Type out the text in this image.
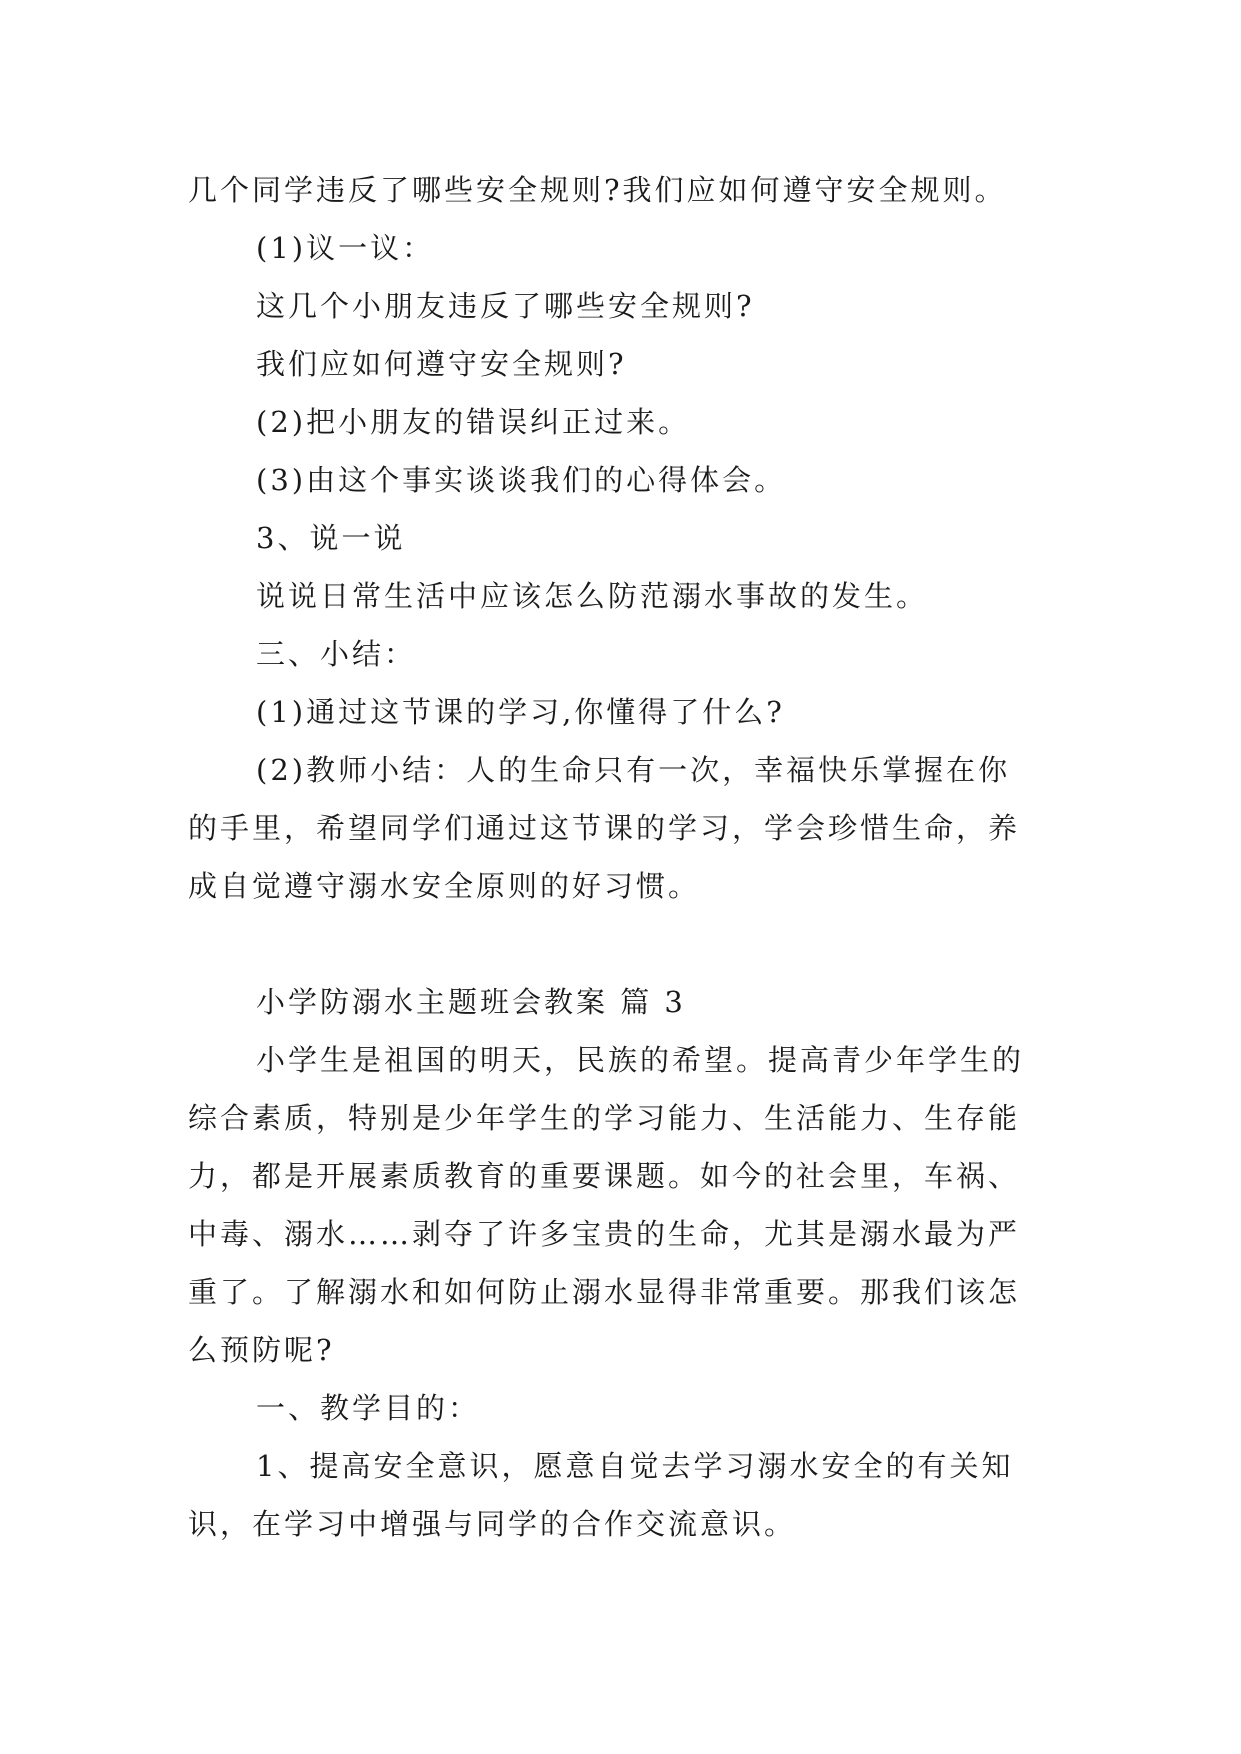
几个同学违反了哪些安全规则?我们应如何遵守安全规则。
(1)议一议：
这几个小朋友违反了哪些安全规则?
我们应如何遵守安全规则?
(2)把小朋友的错误纠正过来。
(3)由这个事实谈谈我们的心得体会。
3、说一说
说说日常生活中应该怎么防范溺水事故的发生。
三、小结：
(1)通过这节课的学习,你懂得了什么?
(2)教师小结：人的生命只有一次，幸福快乐掌握在你
的手里，希望同学们通过这节课的学习，学会珍惜生命，养
成自觉遵守溺水安全原则的好习惯。
小学防溺水主题班会教案 篇 3
小学生是祖国的明天，民族的希望。提高青少年学生的
综合素质，特别是少年学生的学习能力、生活能力、生存能
力，都是开展素质教育的重要课题。如今的社会里，车祸、
中毒、溺水……剥夺了许多宝贵的生命，尤其是溺水最为严
重了。了解溺水和如何防止溺水显得非常重要。那我们该怎
么预防呢?
一、教学目的：
1、提高安全意识，愿意自觉去学习溺水安全的有关知
识，在学习中增强与同学的合作交流意识。
